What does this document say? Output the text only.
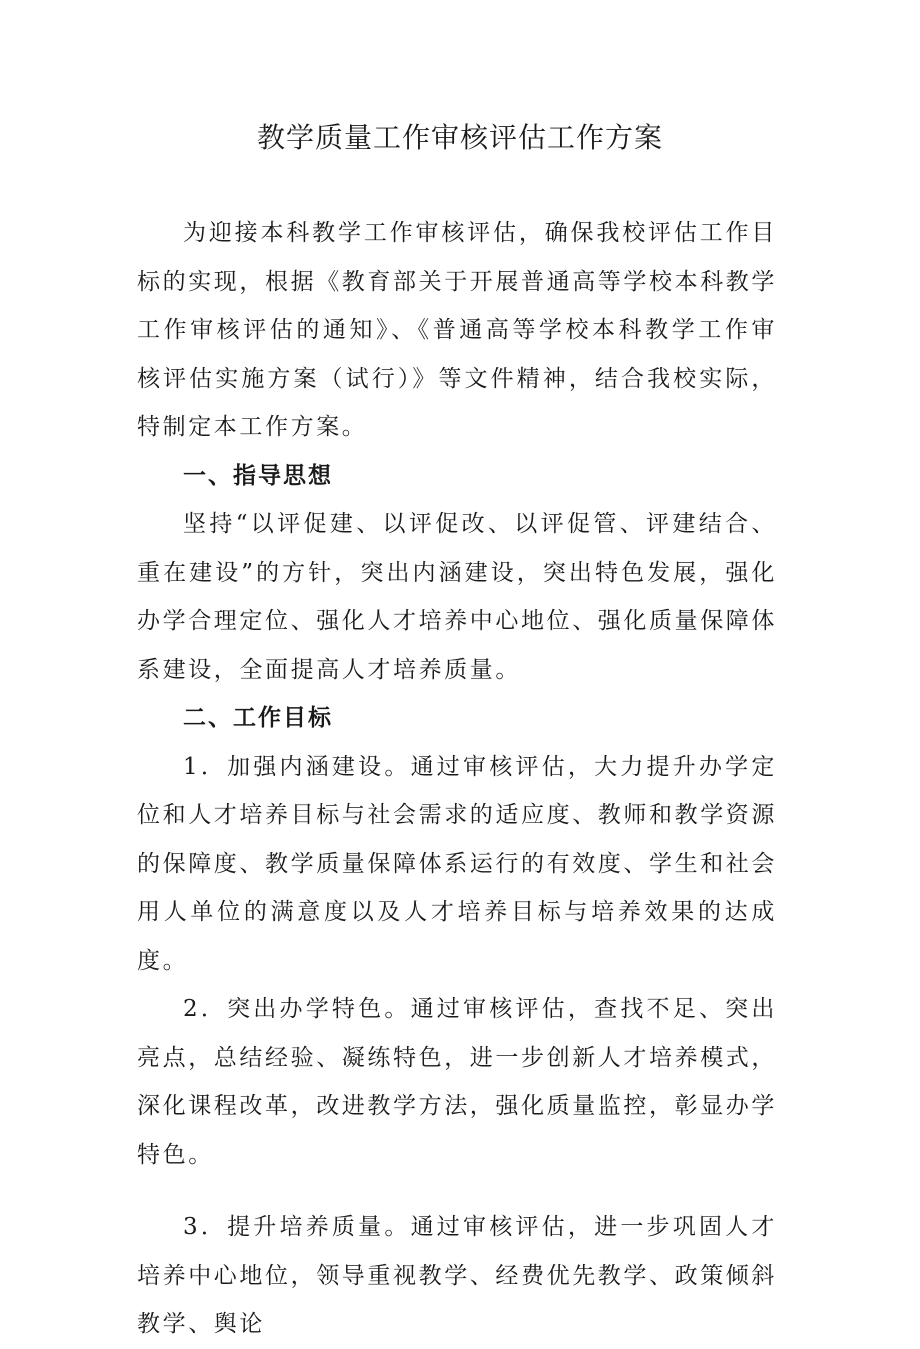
教学质量工作审核评估工作方案

为迎接本科教学工作审核评估，确保我校评估工作目标的实现，根据《教育部关于开展普通高等学校本科教学工作审核评估的通知》、《普通高等学校本科教学工作审核评估实施方案（试行）》等文件精神，结合我校实际，特制定本工作方案。

一、指导思想

坚持“以评促建、以评促改、以评促管、评建结合、重在建设”的方针，突出内涵建设，突出特色发展，强化办学合理定位、强化人才培养中心地位、强化质量保障体系建设，全面提高人才培养质量。

二、工作目标

1．加强内涵建设。通过审核评估，大力提升办学定位和人才培养目标与社会需求的适应度、教师和教学资源的保障度、教学质量保障体系运行的有效度、学生和社会用人单位的满意度以及人才培养目标与培养效果的达成度。

2．突出办学特色。通过审核评估，查找不足、突出亮点，总结经验、凝练特色，进一步创新人才培养模式，深化课程改革，改进教学方法，强化质量监控，彰显办学特色。

3．提升培养质量。通过审核评估，进一步巩固人才培养中心地位，领导重视教学、经费优先教学、政策倾斜教学、舆论
